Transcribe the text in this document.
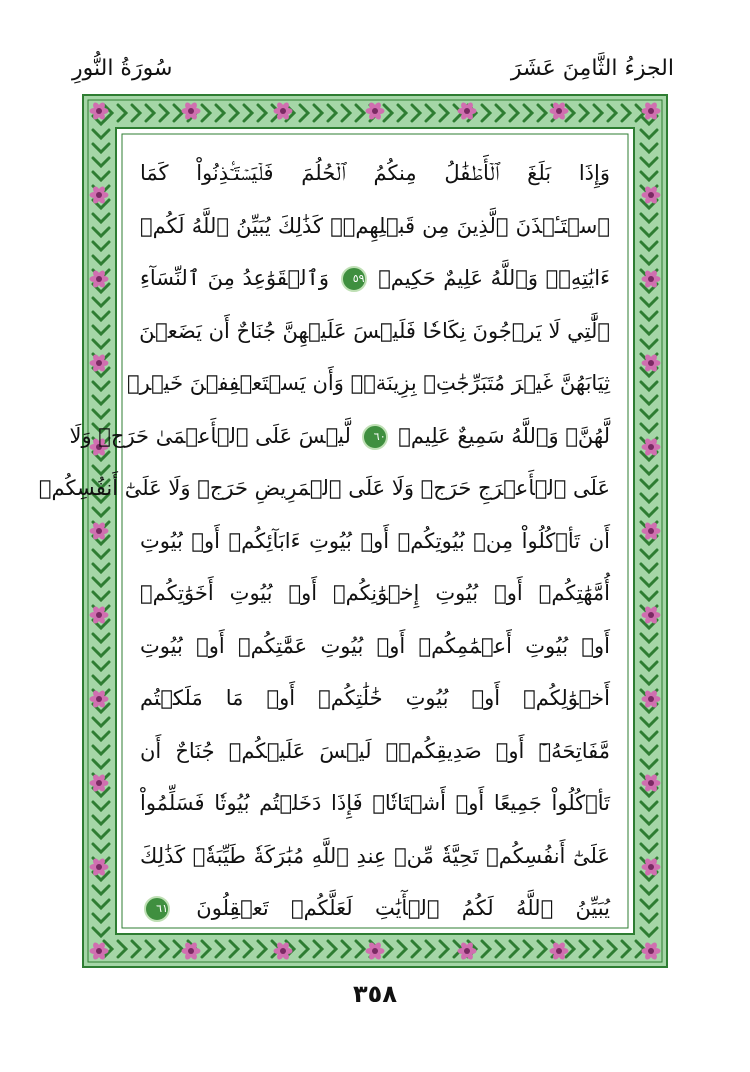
الجزءُ الثَّامِنَ عَشَرَ
سُورَةُ النُّورِ
وَإِذَا بَلَغَ ٱلۡأَطۡفَٰلُ مِنكُمُ ٱلۡحُلُمَ فَلۡيَسۡتَـٔۡذِنُواْ كَمَا
ٱسۡتَـٔۡذَنَ ٱلَّذِينَ مِن قَبۡلِهِمۡۚ كَذَٰلِكَ يُبَيِّنُ ٱللَّهُ لَكُمۡ
ءَايَٰتِهِۦۗ وَٱللَّهُ عَلِيمٌ حَكِيمٞ ٥٩ وَٱلۡقَوَٰعِدُ مِنَ ٱلنِّسَآءِ
ٱلَّٰتِي لَا يَرۡجُونَ نِكَاحٗا فَلَيۡسَ عَلَيۡهِنَّ جُنَاحٌ أَن يَضَعۡنَ
ثِيَابَهُنَّ غَيۡرَ مُتَبَرِّجَٰتِۭ بِزِينَةٖۖ وَأَن يَسۡتَعۡفِفۡنَ خَيۡرٞ
لَّهُنَّۗ وَٱللَّهُ سَمِيعٌ عَلِيمٞ ٦٠ لَّيۡسَ عَلَى ٱلۡأَعۡمَىٰ حَرَجٞ وَلَا
عَلَى ٱلۡأَعۡرَجِ حَرَجٞ وَلَا عَلَى ٱلۡمَرِيضِ حَرَجٞ وَلَا عَلَىٰٓ أَنفُسِكُمۡ
أَن تَأۡكُلُواْ مِنۢ بُيُوتِكُمۡ أَوۡ بُيُوتِ ءَابَآئِكُمۡ أَوۡ بُيُوتِ
أُمَّهَٰتِكُمۡ أَوۡ بُيُوتِ إِخۡوَٰنِكُمۡ أَوۡ بُيُوتِ أَخَوَٰتِكُمۡ
أَوۡ بُيُوتِ أَعۡمَٰمِكُمۡ أَوۡ بُيُوتِ عَمَّٰتِكُمۡ أَوۡ بُيُوتِ
أَخۡوَٰلِكُمۡ أَوۡ بُيُوتِ خَٰلَٰتِكُمۡ أَوۡ مَا مَلَكۡتُم
مَّفَاتِحَهُۥٓ أَوۡ صَدِيقِكُمۡۚ لَيۡسَ عَلَيۡكُمۡ جُنَاحٌ أَن
تَأۡكُلُواْ جَمِيعًا أَوۡ أَشۡتَاتٗاۚ فَإِذَا دَخَلۡتُم بُيُوتٗا فَسَلِّمُواْ
عَلَىٰٓ أَنفُسِكُمۡ تَحِيَّةٗ مِّنۡ عِندِ ٱللَّهِ مُبَٰرَكَةٗ طَيِّبَةٗۚ كَذَٰلِكَ
يُبَيِّنُ ٱللَّهُ لَكُمُ ٱلۡأٓيَٰتِ لَعَلَّكُمۡ تَعۡقِلُونَ ٦١
٣٥٨
